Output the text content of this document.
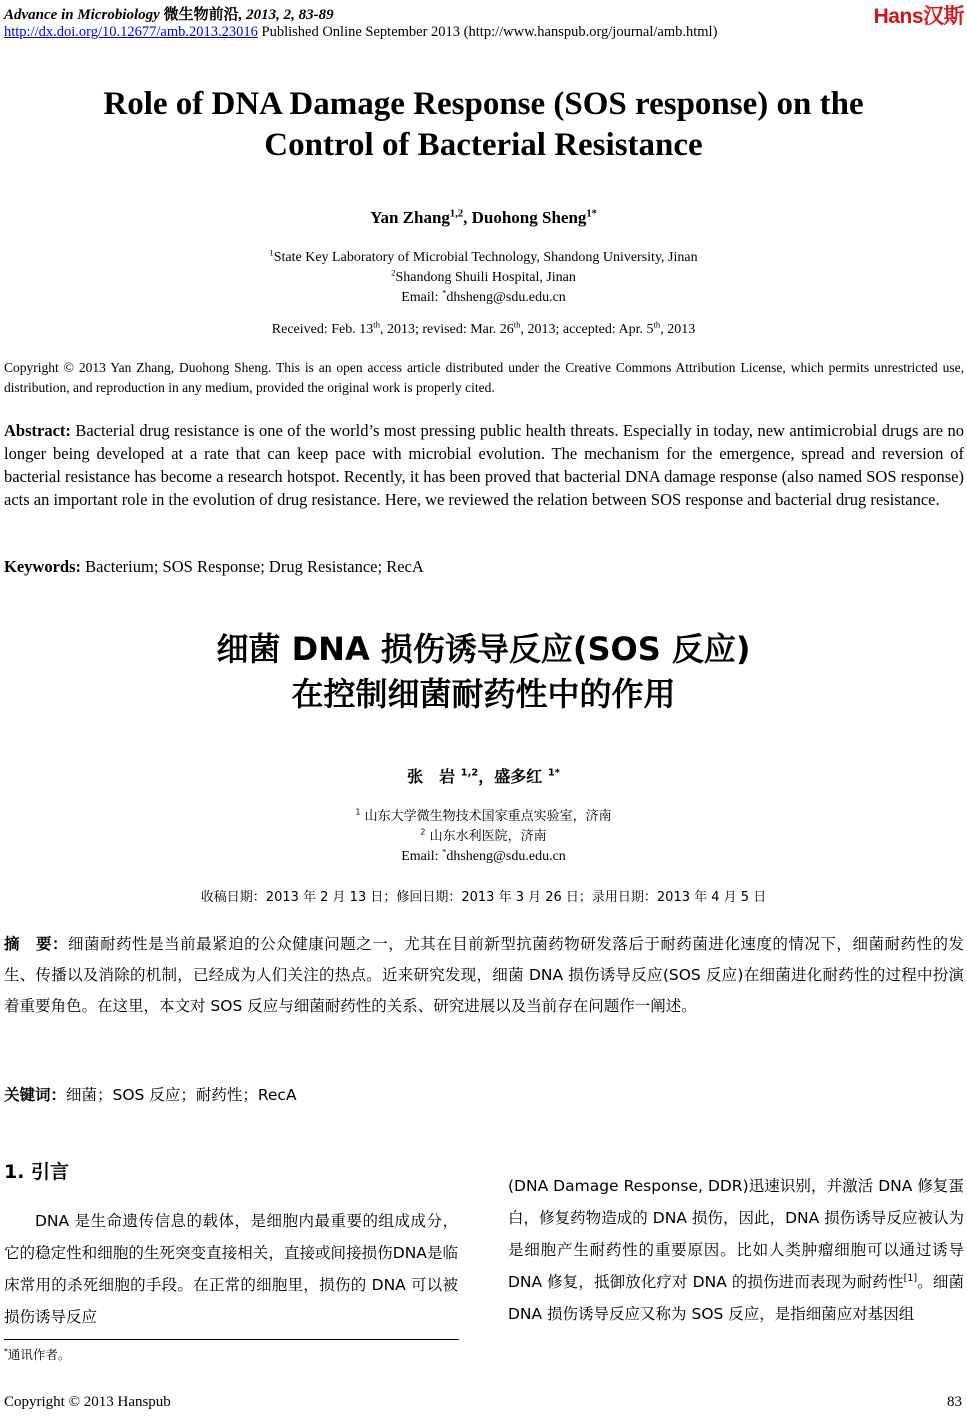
Advance in Microbiology 微生物前沿, 2013, 2, 83-89	Hans汉斯
http://dx.doi.org/10.12677/amb.2013.23016 Published Online September 2013 (http://www.hanspub.org/journal/amb.html)
Role of DNA Damage Response (SOS response) on the
Control of Bacterial Resistance
Yan Zhang$^{1,2}$, Duohong Sheng$^{1*}$
$^1$State Key Laboratory of Microbial Technology, Shandong University, Jinan
$^2$Shandong Shuili Hospital, Jinan
Email: *dhsheng@sdu.edu.cn
Received: Feb. 13th, 2013; revised: Mar. 26th, 2013; accepted: Apr. 5th, 2013
Copyright © 2013 Yan Zhang, Duohong Sheng. This is an open access article distributed under the Creative Commons Attribution License, which permits unrestricted use, distribution, and reproduction in any medium, provided the original work is properly cited.
Abstract: Bacterial drug resistance is one of the world’s most pressing public health threats. Especially in today, new antimicrobial drugs are no longer being developed at a rate that can keep pace with microbial evolution. The mechanism for the emergence, spread and reversion of bacterial resistance has become a research hotspot. Recently, it has been proved that bacterial DNA damage response (also named SOS response) acts an important role in the evolution of drug resistance. Here, we reviewed the relation between SOS response and bacterial drug resistance.
Keywords: Bacterium; SOS Response; Drug Resistance; RecA
细菌 DNA 损伤诱导反应(SOS 反应)
在控制细菌耐药性中的作用
张　岩 $^{1,2}$，盛多红 $^{1*}$
$^1$ 山东大学微生物技术国家重点实验室，济南
$^2$ 山东水利医院，济南
Email: *dhsheng@sdu.edu.cn
收稿日期：2013 年 2 月 13 日；修回日期：2013 年 3 月 26 日；录用日期：2013 年 4 月 5 日
摘　要：细菌耐药性是当前最紧迫的公众健康问题之一，尤其在目前新型抗菌药物研发落后于耐药菌进化速度的情况下，细菌耐药性的发生、传播以及消除的机制，已经成为人们关注的热点。近来研究发现，细菌 DNA 损伤诱导反应(SOS 反应)在细菌进化耐药性的过程中扮演着重要角色。在这里，本文对 SOS 反应与细菌耐药性的关系、研究进展以及当前存在问题作一阐述。
关键词：细菌；SOS 反应；耐药性；RecA
1. 引言
DNA 是生命遗传信息的载体，是细胞内最重要的组成成分，它的稳定性和细胞的生死突变直接相关，直接或间接损伤DNA是临床常用的杀死细胞的手段。在正常的细胞里，损伤的 DNA 可以被损伤诱导反应
(DNA Damage Response, DDR)迅速识别，并激活 DNA 修复蛋白，修复药物造成的 DNA 损伤，因此，DNA 损伤诱导反应被认为是细胞产生耐药性的重要原因。比如人类肿瘤细胞可以通过诱导 DNA 修复，抵御放化疗对 DNA 的损伤进而表现为耐药性[1]。细菌 DNA 损伤诱导反应又称为 SOS 反应，是指细菌应对基因组
*通讯作者。
Copyright © 2013 Hanspub	83
